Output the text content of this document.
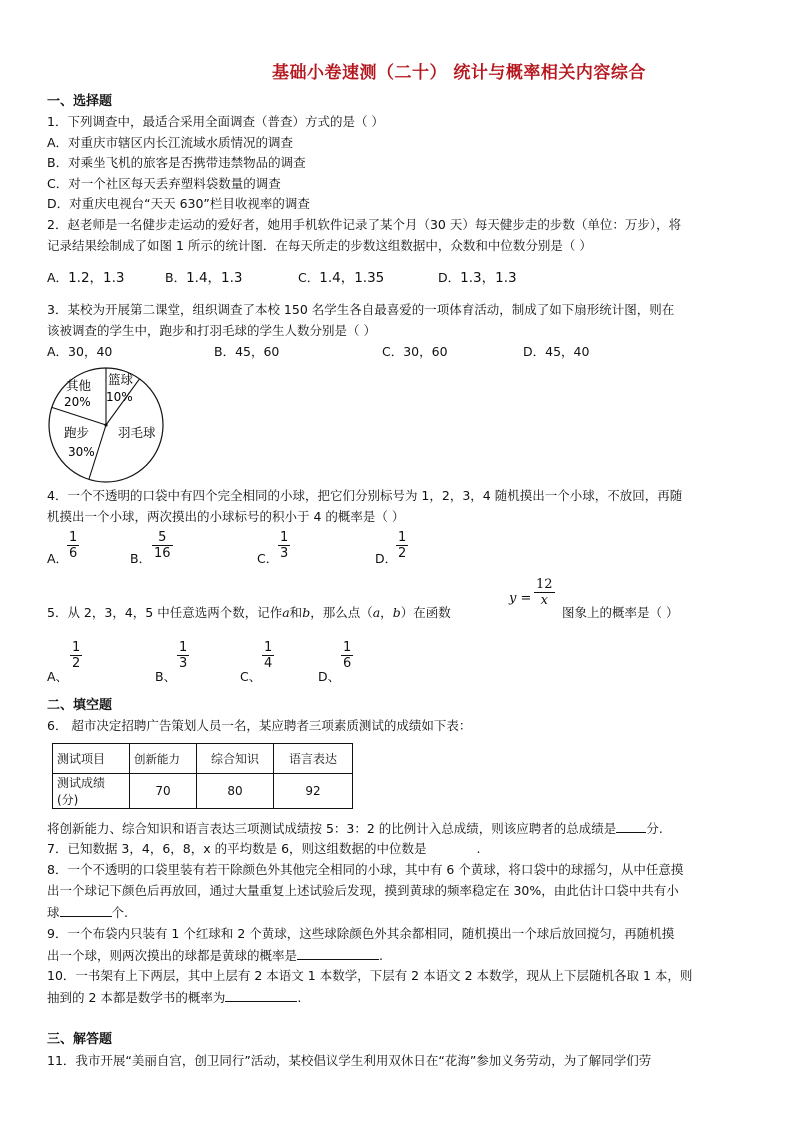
基础小卷速测（二十） 统计与概率相关内容综合
一、选择题
1．下列调查中，最适合采用全面调查（普查）方式的是（ ）
A．对重庆市辖区内长江流域水质情况的调查
B．对乘坐飞机的旅客是否携带违禁物品的调查
C．对一个社区每天丢弃塑料袋数量的调查
D．对重庆电视台“天天 630”栏目收视率的调查
2．赵老师是一名健步走运动的爱好者，她用手机软件记录了某个月（30 天）每天健步走的步数（单位：万步），将
记录结果绘制成了如图 1 所示的统计图．在每天所走的步数这组数据中，众数和中位数分别是（ ）
A．1.2，1.3	B．1.4，1.3	C．1.4，1.35	D．1.3，1.3
3．某校为开展第二课堂，组织调查了本校 150 名学生各自最喜爱的一项体育活动，制成了如下扇形统计图，则在
该被调查的学生中，跑步和打羽毛球的学生人数分别是（ ）
A．30，40	B．45，60	C．30，60	D．45，40
其他
20%
篮球
10%
羽毛球
跑步
30%
4．一个不透明的口袋中有四个完全相同的小球，把它们分别标号为 1，2，3，4 随机摸出一个小球，不放回，再随
机摸出一个小球，两次摸出的小球标号的积小于 4 的概率是（ ）
A．
1
6	B．
5
16	C．
1
3	D．
1
2
5．从 2，3，4，5 中任意选两个数，记作a和b，那么点（a，b）在函数
y =
12
x
图象上的概率是（ ）
A、
1
2
B、
1
3
C、
1
4
D、
1
6
二、填空题
6． 超市决定招聘广告策划人员一名，某应聘者三项素质测试的成绩如下表：
测试项目	创新能力	综合知识	语言表达
测试成绩(分)	70	80	92
将创新能力、综合知识和语言表达三项测试成绩按 5：3：2 的比例计入总成绩，则该应聘者的总成绩是 分.
7．已知数据 3，4，6，8，x 的平均数是 6，则这组数据的中位数是	.
8．一个不透明的口袋里装有若干除颜色外其他完全相同的小球，其中有 6 个黄球，将口袋中的球摇匀，从中任意摸
出一个球记下颜色后再放回，通过大量重复上述试验后发现，摸到黄球的频率稳定在 30%，由此估计口袋中共有小
球	个.
9．一个布袋内只装有 1 个红球和 2 个黄球，这些球除颜色外其余都相同，随机摸出一个球后放回搅匀，再随机摸
出一个球，则两次摸出的球都是黄球的概率是	.
10．一书架有上下两层，其中上层有 2 本语文 1 本数学，下层有 2 本语文 2 本数学，现从上下层随机各取 1 本，则
抽到的 2 本都是数学书的概率为	.
三、解答题
11．我市开展“美丽自宫，创卫同行”活动，某校倡议学生利用双休日在“花海”参加义务劳动，为了解同学们劳
